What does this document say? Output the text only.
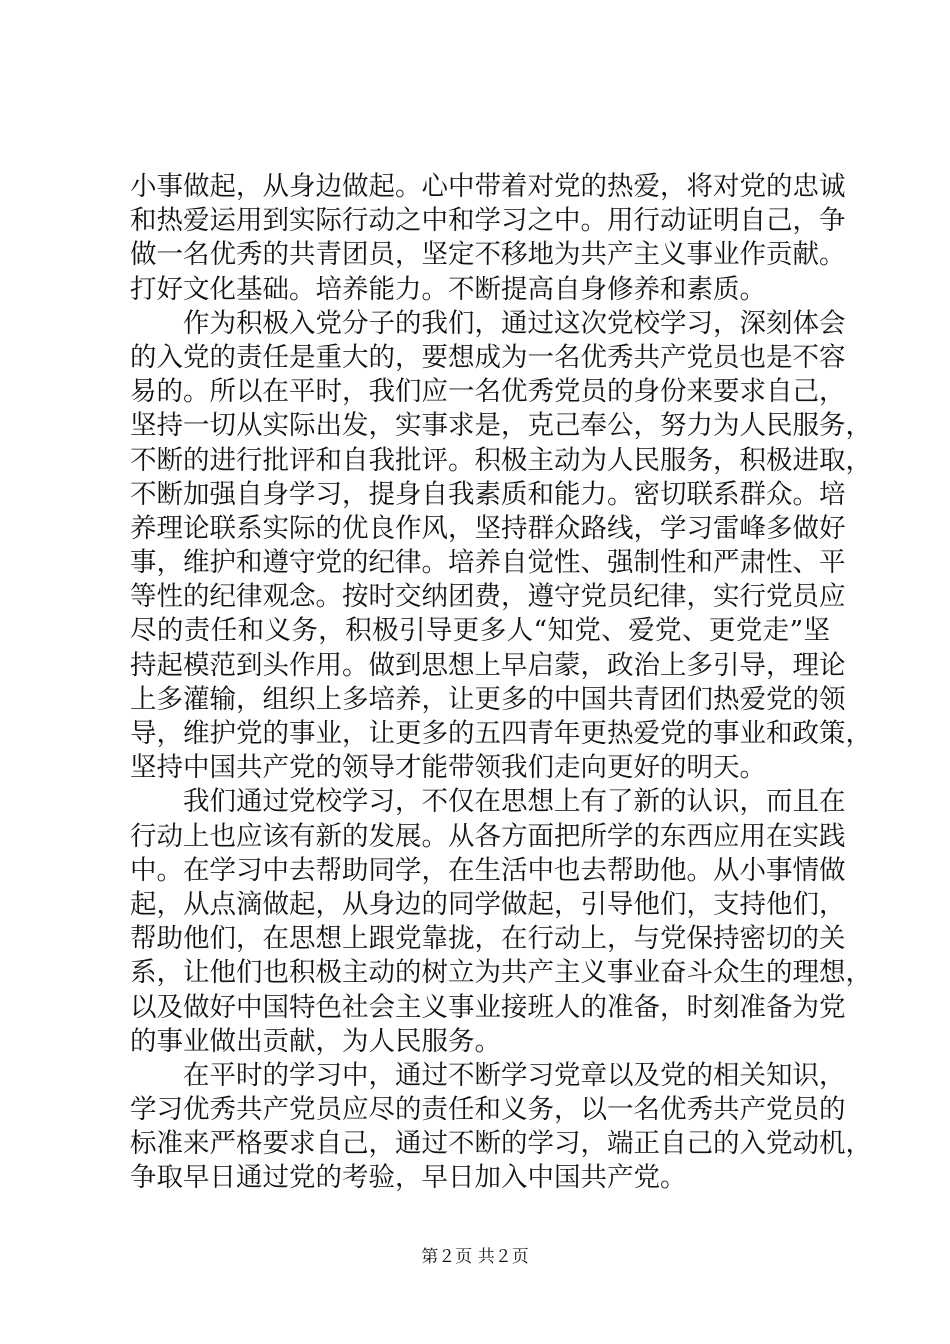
小事做起，从身边做起。心中带着对党的热爱，将对党的忠诚
和热爱运用到实际行动之中和学习之中。用行动证明自己，争
做一名优秀的共青团员，坚定不移地为共产主义事业作贡献。
打好文化基础。培养能力。不断提高自身修养和素质。
作为积极入党分子的我们，通过这次党校学习，深刻体会
的入党的责任是重大的，要想成为一名优秀共产党员也是不容
易的。所以在平时，我们应一名优秀党员的身份来要求自己，
坚持一切从实际出发，实事求是，克己奉公，努力为人民服务，
不断的进行批评和自我批评。积极主动为人民服务，积极进取，
不断加强自身学习，提身自我素质和能力。密切联系群众。培
养理论联系实际的优良作风，坚持群众路线，学习雷峰多做好
事，维护和遵守党的纪律。培养自觉性、强制性和严肃性、平
等性的纪律观念。按时交纳团费，遵守党员纪律，实行党员应
尽的责任和义务，积极引导更多人“知党、爱党、更党走”坚
持起模范到头作用。做到思想上早启蒙，政治上多引导，理论
上多灌输，组织上多培养，让更多的中国共青团们热爱党的领
导，维护党的事业，让更多的五四青年更热爱党的事业和政策，
坚持中国共产党的领导才能带领我们走向更好的明天。
我们通过党校学习，不仅在思想上有了新的认识，而且在
行动上也应该有新的发展。从各方面把所学的东西应用在实践
中。在学习中去帮助同学，在生活中也去帮助他。从小事情做
起，从点滴做起，从身边的同学做起，引导他们，支持他们，
帮助他们，在思想上跟党靠拢，在行动上，与党保持密切的关
系，让他们也积极主动的树立为共产主义事业奋斗众生的理想，
以及做好中国特色社会主义事业接班人的准备，时刻准备为党
的事业做出贡献，为人民服务。
在平时的学习中，通过不断学习党章以及党的相关知识，
学习优秀共产党员应尽的责任和义务，以一名优秀共产党员的
标准来严格要求自己，通过不断的学习，端正自己的入党动机，
争取早日通过党的考验，早日加入中国共产党。
第２页 共２页
